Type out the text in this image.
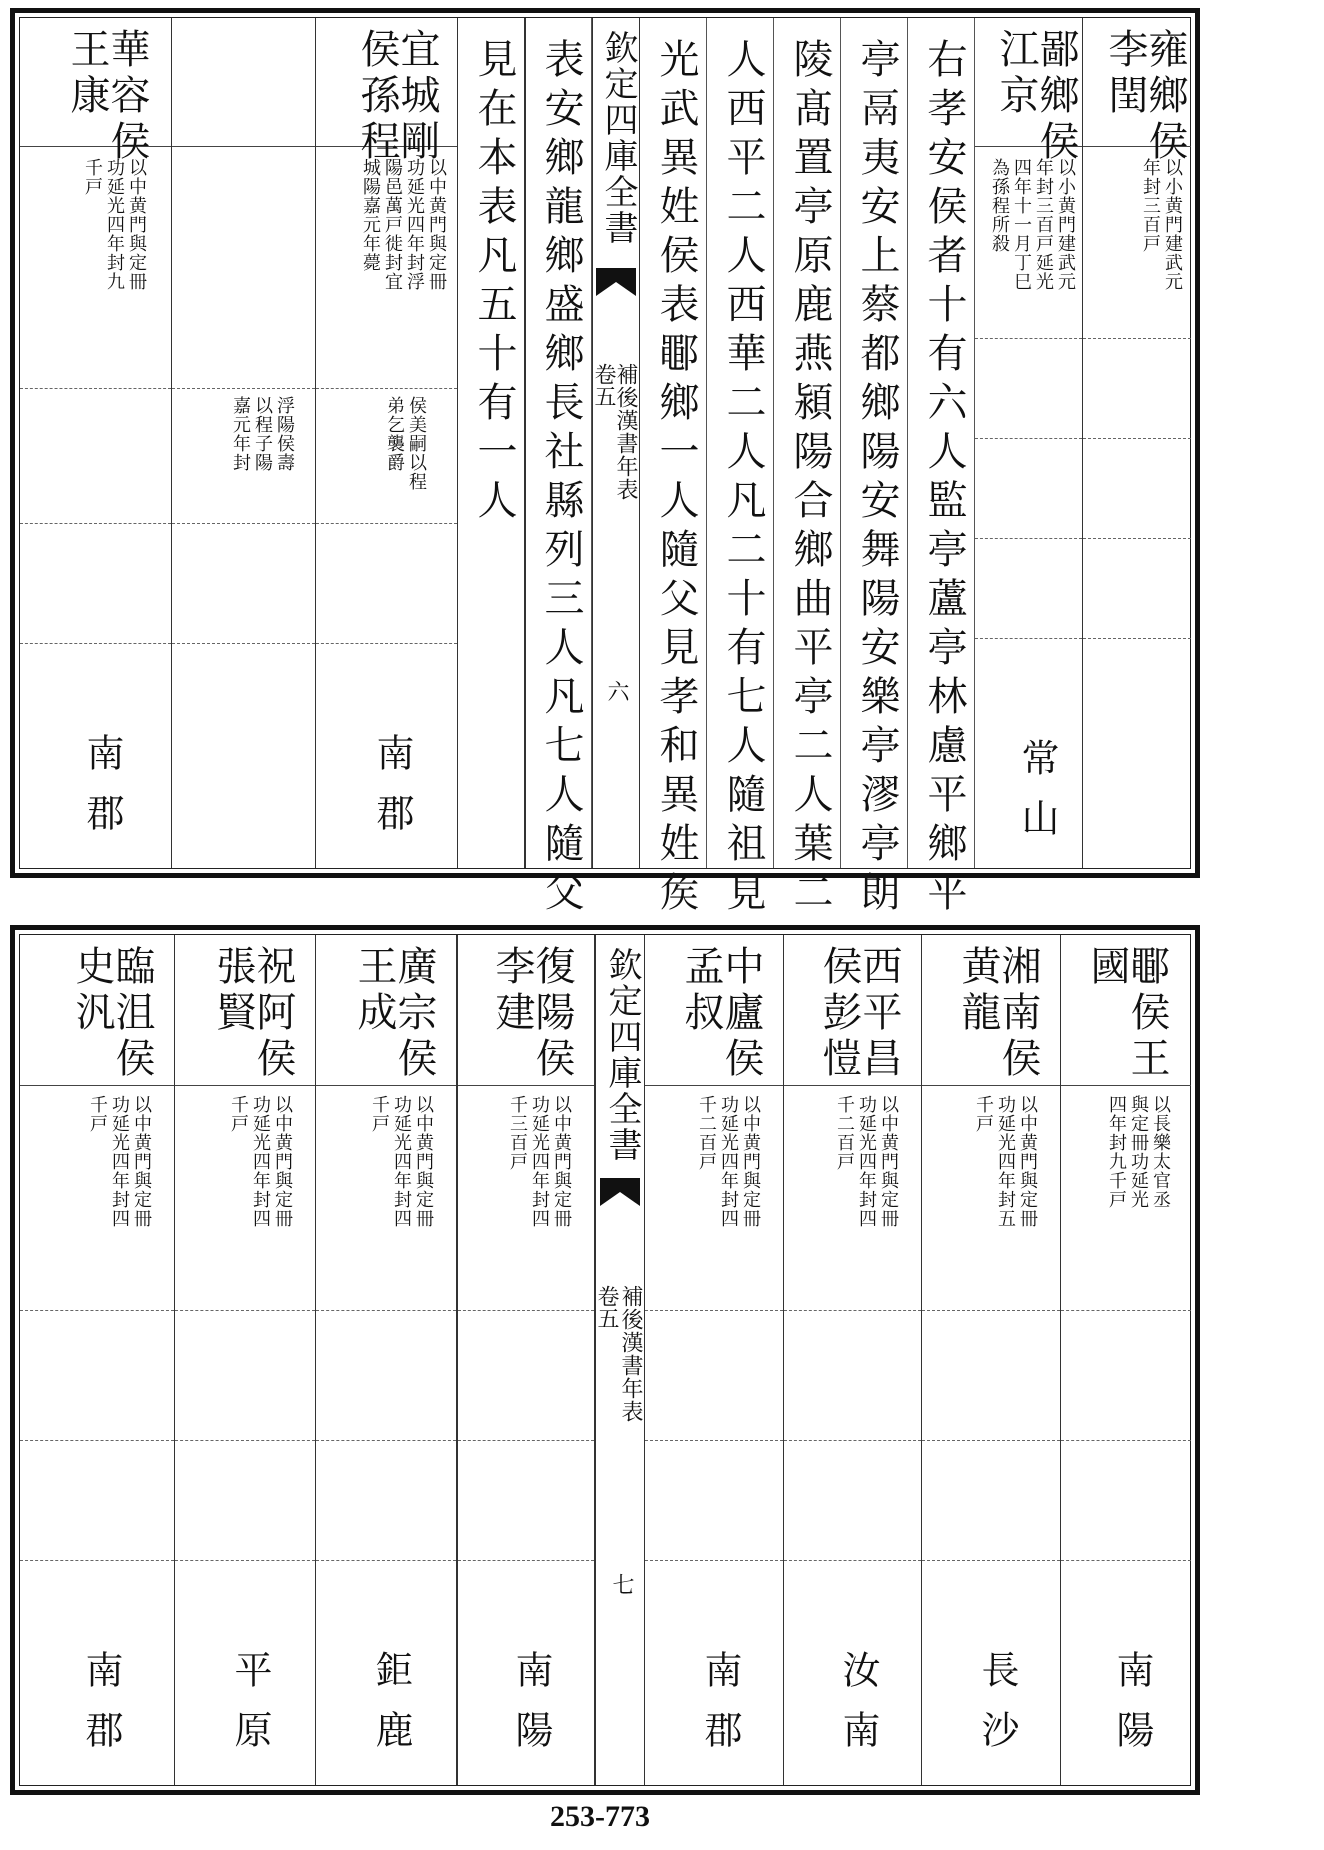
雍鄉侯
李閏
以小黄門建武元
年封三百戸
鄙鄉侯
江京
以小黄門建武元
年封三百戸延光
四年十一月丁巳
為孫程所殺
常山
右孝安侯者十有六人監亭蘆亭林慮平鄉平
亭鬲夷安上蔡都鄉陽安舞陽安樂亭漻亭朗
陵髙置亭原鹿燕潁陽合鄉曲平亭二人葉二
人西平二人西華二人凡二十有七人隨祖見
光武異姓侯表鄳鄉一人隨父見孝和異姓矦
欽定四庫全書
補後漢書年表
卷五
六
表安鄉龍鄉盛鄉長社縣列三人凡七人隨父
見在本表凡五十有一人
宜城剛
侯孫程
以中黄門與定冊
功延光四年封浮
陽邑萬戸徙封宜
城陽嘉元年薨
侯美嗣以程
弟乞襲爵
南郡
浮陽侯壽
以程子陽
嘉元年封
華容侯
王康
以中黄門與定冊
功延光四年封九
千戸
南郡
鄳侯王
國
以長樂太官丞
與定冊功延光
四年封九千戸
南陽
湘南侯
黄龍
以中黄門與定冊
功延光四年封五
千戸
長沙
西平昌
侯彭愷
以中黄門與定冊
功延光四年封四
千二百戸
汝南
中廬侯
孟叔
以中黄門與定冊
功延光四年封四
千二百戸
南郡
欽定四庫全書
補後漢書年表
卷五
七
復陽侯
李建
以中黄門與定冊
功延光四年封四
千三百戸
南陽
廣宗侯
王成
以中黄門與定冊
功延光四年封四
千戸
鉅鹿
祝阿侯
張賢
以中黄門與定冊
功延光四年封四
千戸
平原
臨沮侯
史汎
以中黄門與定冊
功延光四年封四
千戸
南郡
253-773
